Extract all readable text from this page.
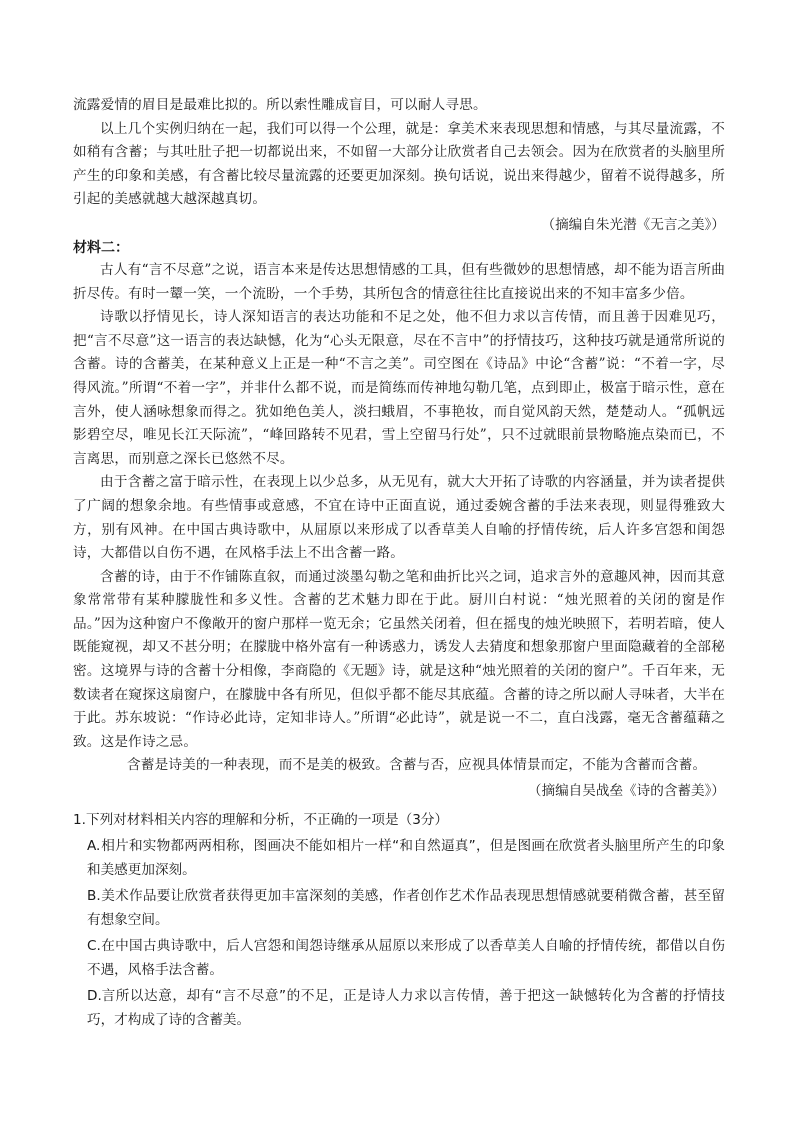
流露爱情的眉目是最难比拟的。所以索性雕成盲目，可以耐人寻思。

以上几个实例归纳在一起，我们可以得一个公理，就是：拿美术来表现思想和情感，与其尽量流露，不如稍有含蓄；与其吐肚子把一切都说出来，不如留一大部分让欣赏者自己去领会。因为在欣赏者的头脑里所产生的印象和美感，有含蓄比较尽量流露的还要更加深刻。换句话说，说出来得越少，留着不说得越多，所引起的美感就越大越深越真切。

（摘编自朱光潜《无言之美》）

材料二：

古人有“言不尽意”之说，语言本来是传达思想情感的工具，但有些微妙的思想情感，却不能为语言所曲折尽传。有时一颦一笑，一个流盼，一个手势，其所包含的情意往往比直接说出来的不知丰富多少倍。

诗歌以抒情见长，诗人深知语言的表达功能和不足之处，他不但力求以言传情，而且善于因难见巧，把“言不尽意”这一语言的表达缺憾，化为“心头无限意，尽在不言中”的抒情技巧，这种技巧就是通常所说的含蓄。诗的含蓄美，在某种意义上正是一种“不言之美”。司空图在《诗品》中论“含蓄”说：“不着一字，尽得风流。”所谓“不着一字”，并非什么都不说，而是简练而传神地勾勒几笔，点到即止，极富于暗示性，意在言外，使人涵咏想象而得之。犹如绝色美人，淡扫蛾眉，不事艳妆，而自觉风韵天然，楚楚动人。“孤帆远影碧空尽，唯见长江天际流”，“峰回路转不见君，雪上空留马行处”，只不过就眼前景物略施点染而已，不言离思，而别意之深长已悠然不尽。

由于含蓄之富于暗示性，在表现上以少总多，从无见有，就大大开拓了诗歌的内容涵量，并为读者提供了广阔的想象余地。有些情事或意感，不宜在诗中正面直说，通过委婉含蓄的手法来表现，则显得雅致大方，别有风神。在中国古典诗歌中，从屈原以来形成了以香草美人自喻的抒情传统，后人许多宫怨和闺怨诗，大都借以自伤不遇，在风格手法上不出含蓄一路。

含蓄的诗，由于不作铺陈直叙，而通过淡墨勾勒之笔和曲折比兴之词，追求言外的意趣风神，因而其意象常常带有某种朦胧性和多义性。含蓄的艺术魅力即在于此。厨川白村说：“烛光照着的关闭的窗是作品。”因为这种窗户不像敞开的窗户那样一览无余；它虽然关闭着，但在摇曳的烛光映照下，若明若暗，使人既能窥视，却又不甚分明；在朦胧中格外富有一种诱惑力，诱发人去猜度和想象那窗户里面隐藏着的全部秘密。这境界与诗的含蓄十分相像，李商隐的《无题》诗，就是这种“烛光照着的关闭的窗户”。千百年来，无数读者在窥探这扇窗户，在朦胧中各有所见，但似乎都不能尽其底蕴。含蓄的诗之所以耐人寻味者，大半在于此。苏东坡说：“作诗必此诗，定知非诗人。”所谓“必此诗”，就是说一不二，直白浅露，毫无含蓄蕴藉之致。这是作诗之忌。

含蓄是诗美的一种表现，而不是美的极致。含蓄与否，应视具体情景而定，不能为含蓄而含蓄。

（摘编自吴战垒《诗的含蓄美》）

1.下列对材料相关内容的理解和分析，不正确的一项是（3分）

A.相片和实物都两两相称，图画决不能如相片一样“和自然逼真”，但是图画在欣赏者头脑里所产生的印象和美感更加深刻。
B.美术作品要让欣赏者获得更加丰富深刻的美感，作者创作艺术作品表现思想情感就要稍微含蓄，甚至留有想象空间。
C.在中国古典诗歌中，后人宫怨和闺怨诗继承从屈原以来形成了以香草美人自喻的抒情传统，都借以自伤不遇，风格手法含蓄。
D.言所以达意，却有“言不尽意”的不足，正是诗人力求以言传情，善于把这一缺憾转化为含蓄的抒情技巧，才构成了诗的含蓄美。
